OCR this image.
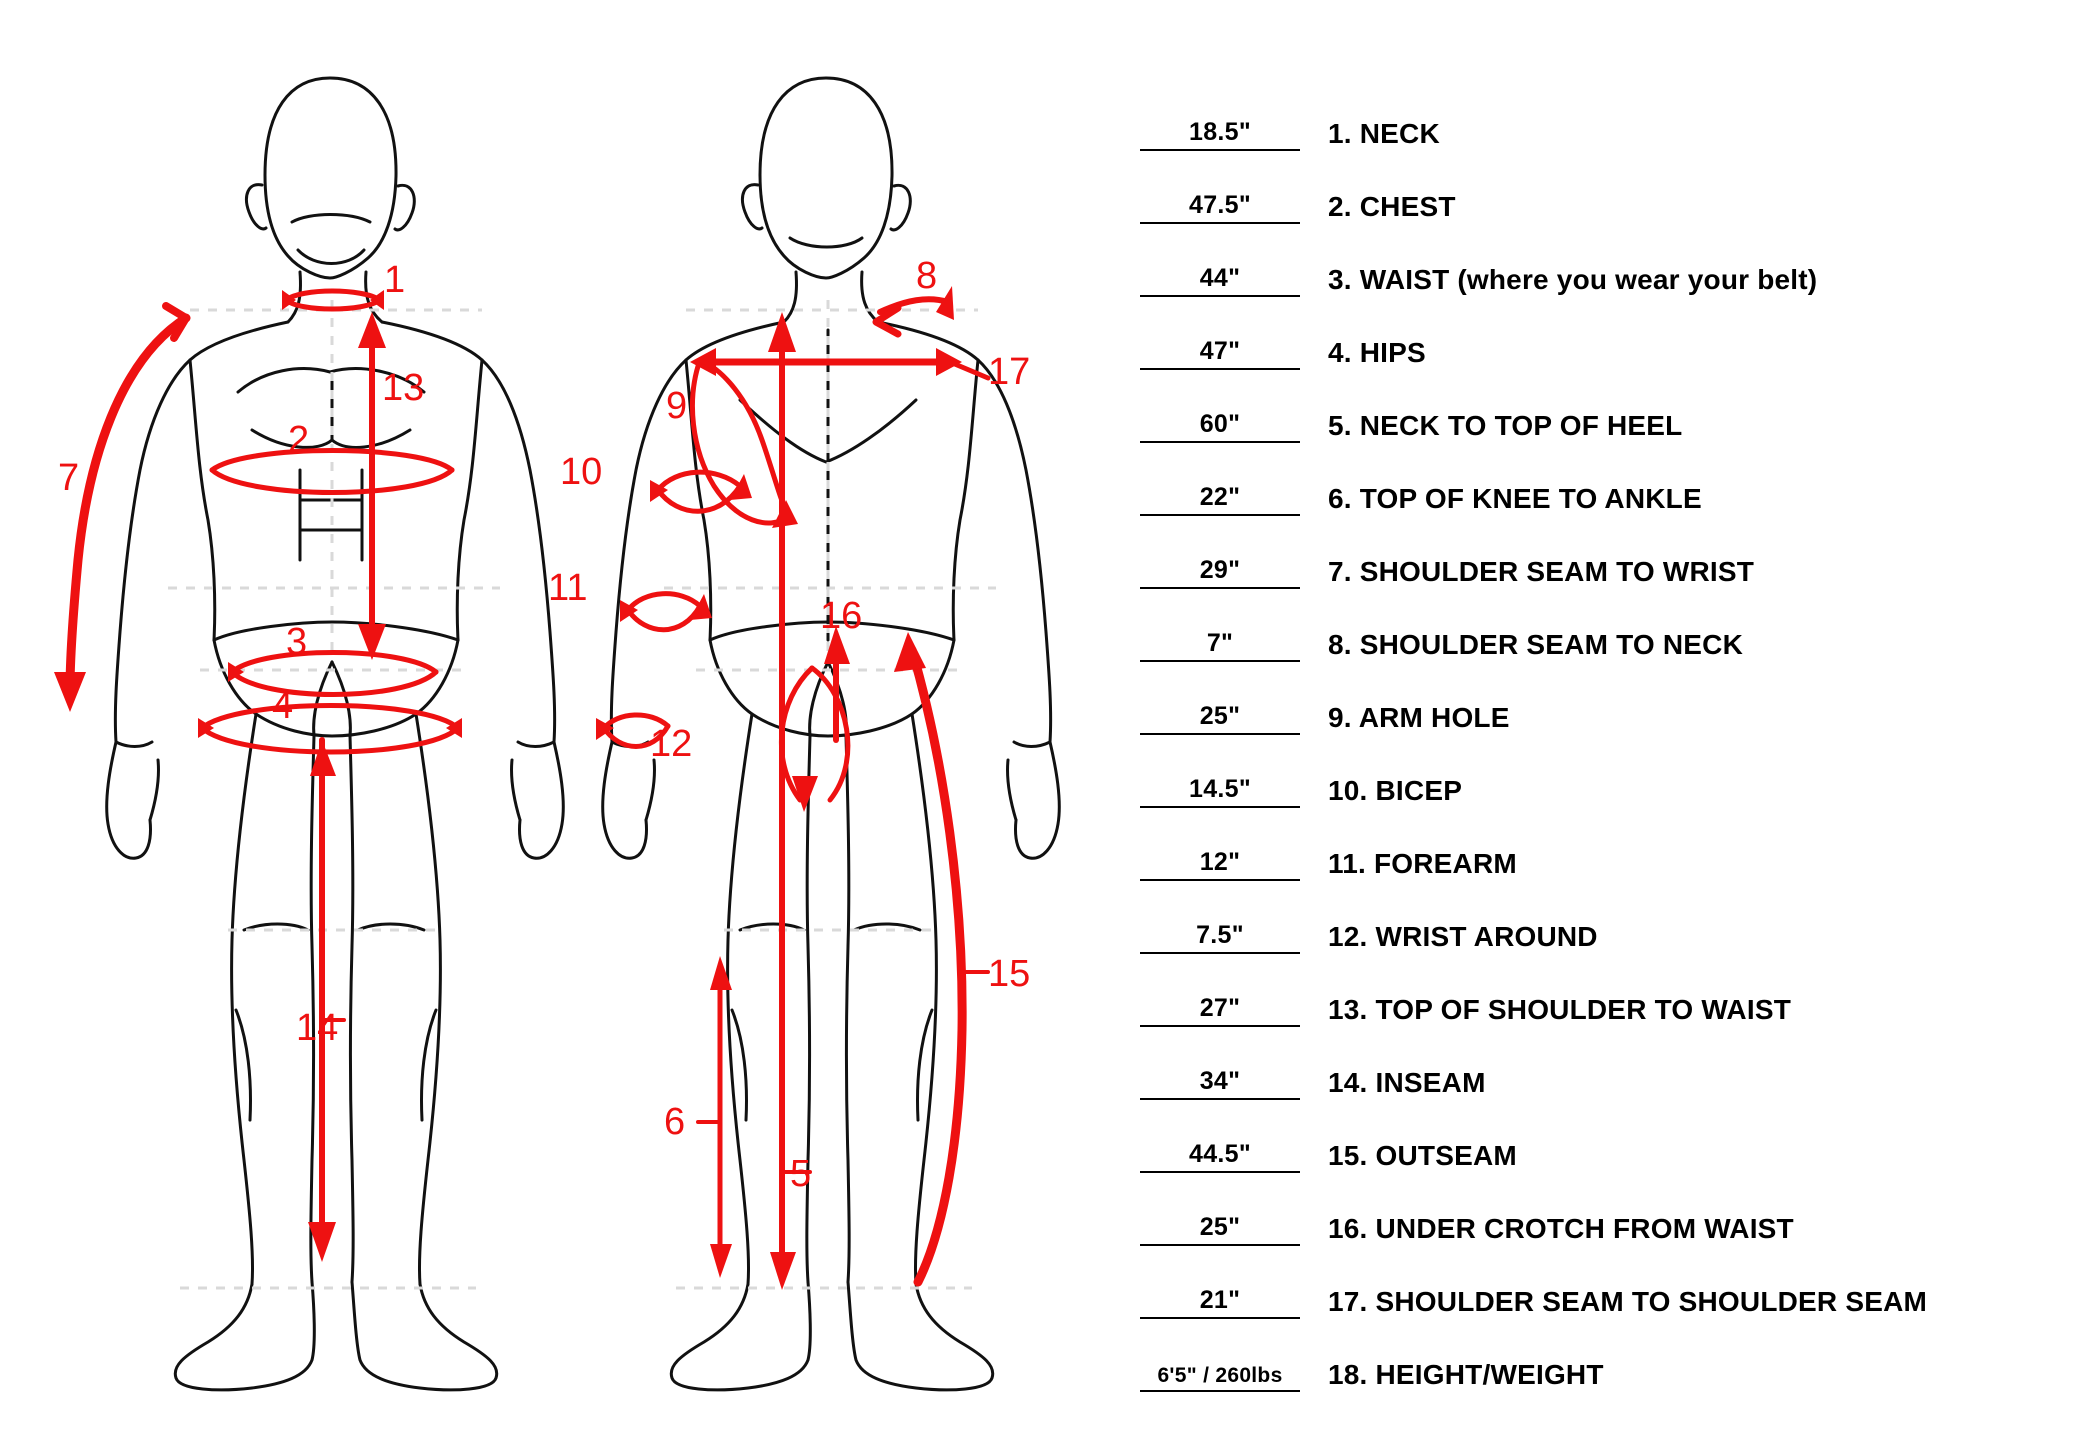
1
2
3
4
7
13
14
8
17
9
10
11
12
16
15
6
5
18.5"	1. NECK
47.5"	2. CHEST
44"	3. WAIST (where you wear your belt)
47"	4. HIPS
60"	5. NECK TO TOP OF HEEL
22"	6. TOP OF KNEE TO ANKLE
29"	7. SHOULDER SEAM TO WRIST
7"	8. SHOULDER SEAM TO NECK
25"	9. ARM HOLE
14.5"	10. BICEP
12"	11. FOREARM
7.5"	12. WRIST AROUND
27"	13. TOP OF SHOULDER TO WAIST
34"	14. INSEAM
44.5"	15. OUTSEAM
25"	16. UNDER CROTCH FROM WAIST
21"	17. SHOULDER SEAM TO SHOULDER SEAM
6'5" / 260lbs	18. HEIGHT/WEIGHT
